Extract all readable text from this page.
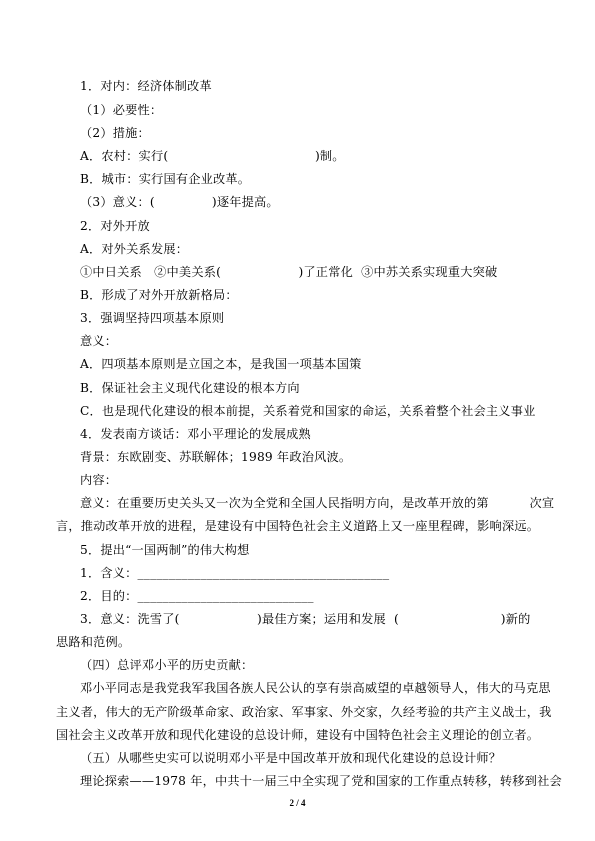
1．对内：经济体制改革
（1）必要性：
（2）措施：
A．农村：实行(                                    )制。
B．城市：实行国有企业改革。
（3）意义：(              )逐年提高。
2．对外开放
A．对外关系发展：
①中日关系   ②中美关系(                   )了正常化  ③中苏关系实现重大突破
B．形成了对外开放新格局：
3．强调坚持四项基本原则
意义：
A．四项基本原则是立国之本，是我国一项基本国策
B．保证社会主义现代化建设的根本方向
C．也是现代化建设的根本前提，关系着党和国家的命运，关系着整个社会主义事业
4．发表南方谈话：邓小平理论的发展成熟
背景：东欧剧变、苏联解体；1989 年政治风波。
内容：
意义：在重要历史关头又一次为全党和全国人民指明方向，是改革开放的第          次宣
言，推动改革开放的进程，是建设有中国特色社会主义道路上又一座里程碑，影响深远。
5．提出“一国两制”的伟大构想
1．含义：________________________________________
2．目的：____________________________
3．意义：洗雪了(                   )最佳方案；运用和发展  (                         )新的
思路和范例。
（四）总评邓小平的历史贡献：
邓小平同志是我党我军我国各族人民公认的享有崇高威望的卓越领导人，伟大的马克思
主义者，伟大的无产阶级革命家、政治家、军事家、外交家，久经考验的共产主义战士，我
国社会主义改革开放和现代化建设的总设计师，建设有中国特色社会主义理论的创立者。
（五）从哪些史实可以说明邓小平是中国改革开放和现代化建设的总设计师？
理论探索——1978 年，中共十一届三中全实现了党和国家的工作重点转移，转移到社会
2 / 4
